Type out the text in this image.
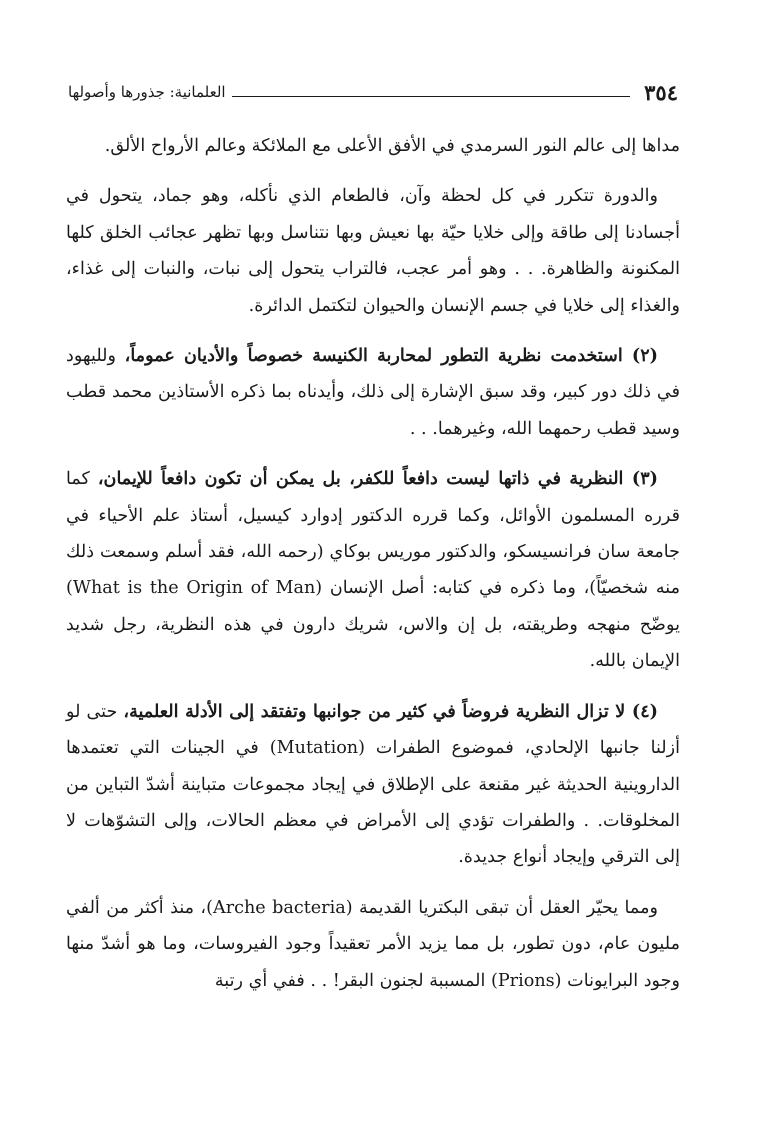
٣٥٤
العلمانية: جذورها وأصولها

مداها إلى عالم النور السرمدي في الأفق الأعلى مع الملائكة وعالم الأرواح الألق.

والدورة تتكرر في كل لحظة وآن، فالطعام الذي نأكله، وهو جماد، يتحول في أجسادنا إلى طاقة وإلى خلايا حيّة بها نعيش وبها نتناسل وبها تظهر عجائب الخلق كلها المكنونة والظاهرة. . . وهو أمر عجب، فالتراب يتحول إلى نبات، والنبات إلى غذاء، والغذاء إلى خلايا في جسم الإنسان والحيوان لتكتمل الدائرة.

(٢) استخدمت نظرية التطور لمحاربة الكنيسة خصوصاً والأديان عموماً، ولليهود في ذلك دور كبير، وقد سبق الإشارة إلى ذلك، وأيدناه بما ذكره الأستاذين محمد قطب وسيد قطب رحمهما الله، وغيرهما. . .

(٣) النظرية في ذاتها ليست دافعاً للكفر، بل يمكن أن تكون دافعاً للإيمان، كما قرره المسلمون الأوائل، وكما قرره الدكتور إدوارد كيسيل، أستاذ علم الأحياء في جامعة سان فرانسيسكو، والدكتور موريس بوكاي (رحمه الله، فقد أسلم وسمعت ذلك منه شخصيّاً)، وما ذكره في كتابه: أصل الإنسان (What is the Origin of Man) يوضّح منهجه وطريقته، بل إن والاس، شريك دارون في هذه النظرية، رجل شديد الإيمان بالله.

(٤) لا تزال النظرية فروضاً في كثير من جوانبها وتفتقد إلى الأدلة العلمية، حتى لو أزلنا جانبها الإلحادي، فموضوع الطفرات (Mutation) في الجينات التي تعتمدها الداروينية الحديثة غير مقنعة على الإطلاق في إيجاد مجموعات متباينة أشدّ التباين من المخلوقات. . والطفرات تؤدي إلى الأمراض في معظم الحالات، وإلى التشوّهات لا إلى الترقي وإيجاد أنواع جديدة.

ومما يحيّر العقل أن تبقى البكتريا القديمة (Arche bacteria)، منذ أكثر من ألفي مليون عام، دون تطور، بل مما يزيد الأمر تعقيداً وجود الفيروسات، وما هو أشدّ منها وجود البرايونات (Prions) المسببة لجنون البقر! . . ففي أي رتبة
